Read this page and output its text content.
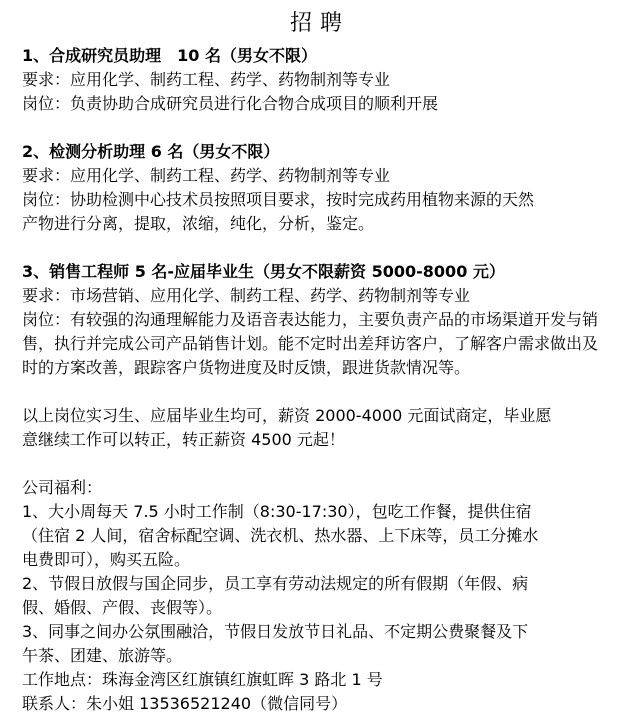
招聘

1、合成研究员助理　10 名（男女不限）

要求：应用化学、制药工程、药学、药物制剂等专业

岗位：负责协助合成研究员进行化合物合成项目的顺利开展

2、检测分析助理 6 名（男女不限）

要求：应用化学、制药工程、药学、药物制剂等专业

岗位：协助检测中心技术员按照项目要求，按时完成药用植物来源的天然

产物进行分离，提取，浓缩，纯化，分析，鉴定。

3、销售工程师 5 名-应届毕业生（男女不限薪资 5000-8000 元）

要求：市场营销、应用化学、制药工程、药学、药物制剂等专业

岗位：有较强的沟通理解能力及语音表达能力，主要负责产品的市场渠道开发与销

售，执行并完成公司产品销售计划。能不定时出差拜访客户，了解客户需求做出及

时的方案改善，跟踪客户货物进度及时反馈，跟进货款情况等。

以上岗位实习生、应届毕业生均可，薪资 2000-4000 元面试商定，毕业愿

意继续工作可以转正，转正薪资 4500 元起！

公司福利：

1、大小周每天 7.5 小时工作制（8:30-17:30），包吃工作餐，提供住宿

（住宿 2 人间，宿舍标配空调、洗衣机、热水器、上下床等，员工分摊水

电费即可），购买五险。

2、节假日放假与国企同步，员工享有劳动法规定的所有假期（年假、病

假、婚假、产假、丧假等）。

3、同事之间办公氛围融洽，节假日发放节日礼品、不定期公费聚餐及下

午茶、团建、旅游等。

工作地点：珠海金湾区红旗镇红旗虹晖 3 路北 1 号

联系人：朱小姐 13536521240（微信同号）
